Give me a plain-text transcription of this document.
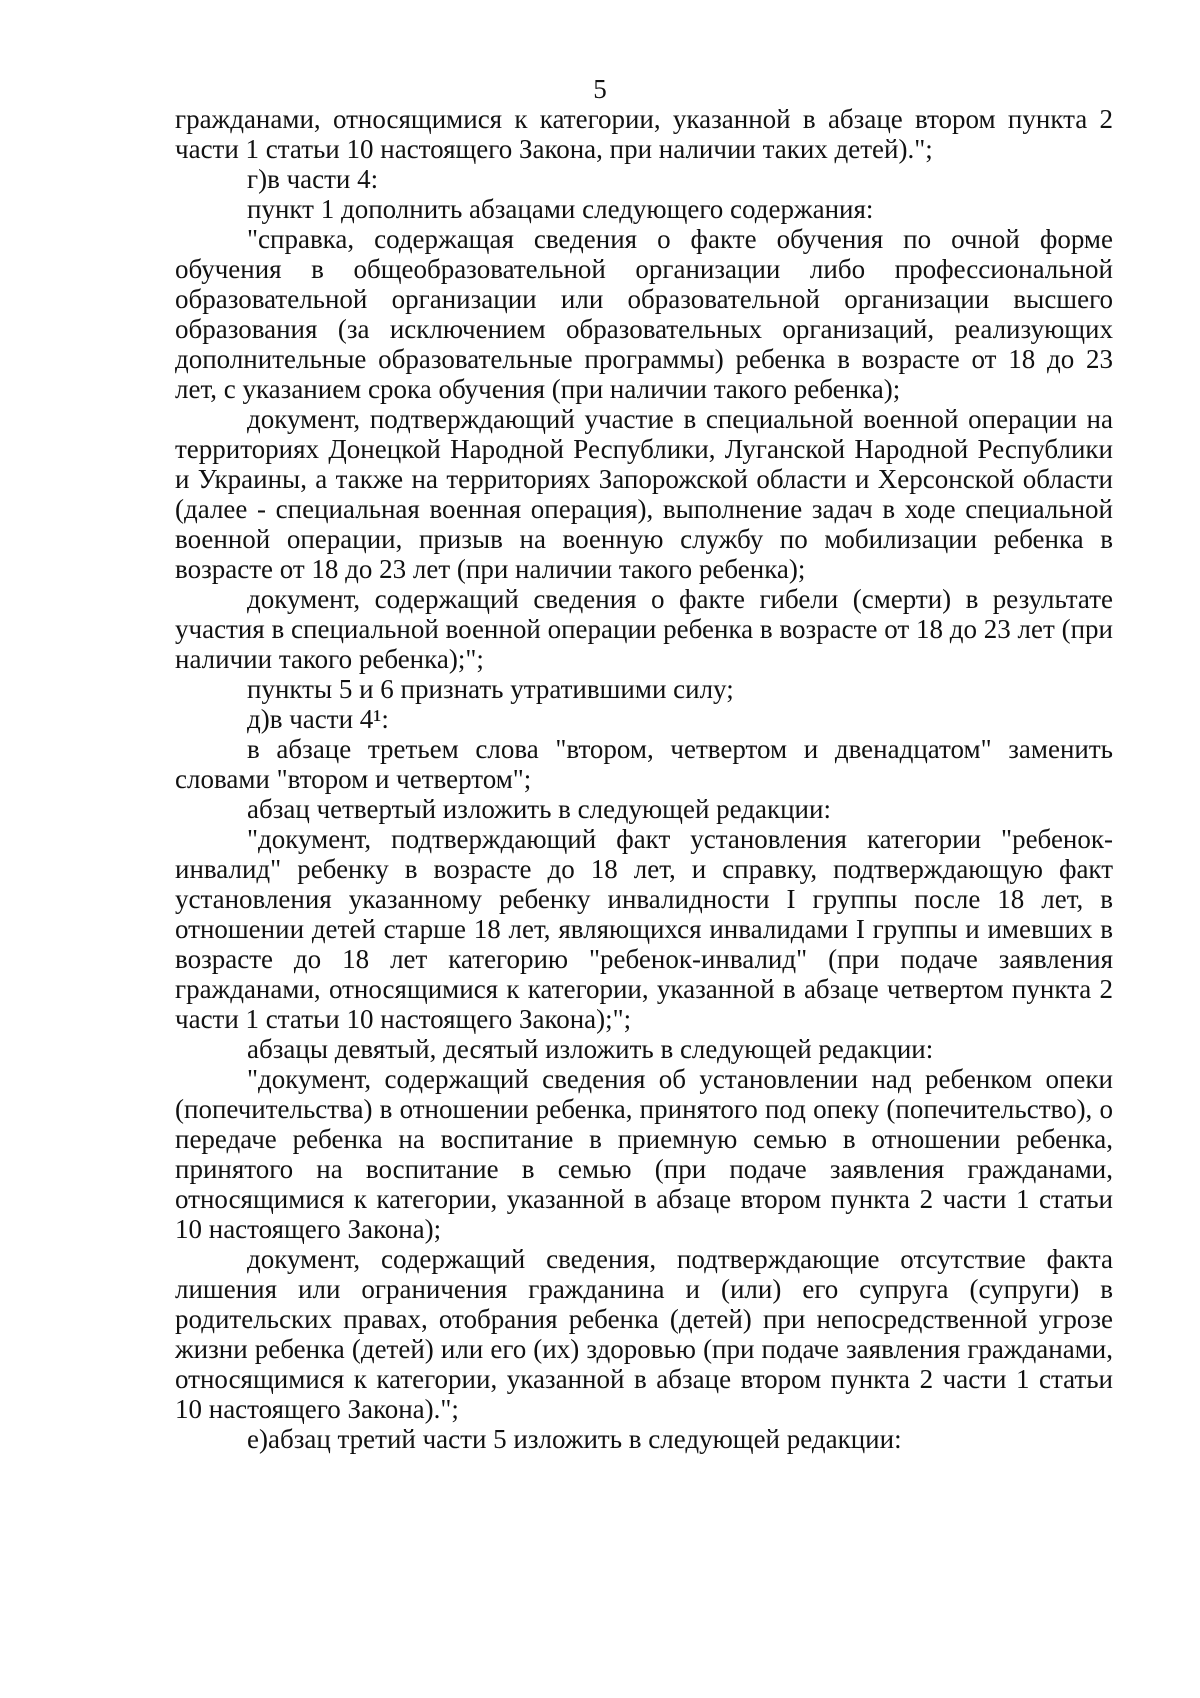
5

гражданами, относящимися к категории, указанной в абзаце втором пункта 2 части 1 статьи 10 настоящего Закона, при наличии таких детей).";

г)в части 4:

пункт 1 дополнить абзацами следующего содержания:

"справка, содержащая сведения о факте обучения по очной форме обучения в общеобразовательной организации либо профессиональной образовательной организации или образовательной организации высшего образования (за исключением образовательных организаций, реализующих дополнительные образовательные программы) ребенка в возрасте от 18 до 23 лет, с указанием срока обучения (при наличии такого ребенка);

документ, подтверждающий участие в специальной военной операции на территориях Донецкой Народной Республики, Луганской Народной Республики и Украины, а также на территориях Запорожской области и Херсонской области (далее - специальная военная операция), выполнение задач в ходе специальной военной операции, призыв на военную службу по мобилизации ребенка в возрасте от 18 до 23 лет (при наличии такого ребенка);

документ, содержащий сведения о факте гибели (смерти) в результате участия в специальной военной операции ребенка в возрасте от 18 до 23 лет (при наличии такого ребенка);";

пункты 5 и 6 признать утратившими силу;

д)в части 4¹:

в абзаце третьем слова "втором, четвертом и двенадцатом" заменить словами "втором и четвертом";

абзац четвертый изложить в следующей редакции:

"документ, подтверждающий факт установления категории "ребенок-инвалид" ребенку в возрасте до 18 лет, и справку, подтверждающую факт установления указанному ребенку инвалидности I группы после 18 лет, в отношении детей старше 18 лет, являющихся инвалидами I группы и имевших в возрасте до 18 лет категорию "ребенок-инвалид" (при подаче заявления гражданами, относящимися к категории, указанной в абзаце четвертом пункта 2 части 1 статьи 10 настоящего Закона);";

абзацы девятый, десятый изложить в следующей редакции:

"документ, содержащий сведения об установлении над ребенком опеки (попечительства) в отношении ребенка, принятого под опеку (попечительство), о передаче ребенка на воспитание в приемную семью в отношении ребенка, принятого на воспитание в семью (при подаче заявления гражданами, относящимися к категории, указанной в абзаце втором пункта 2 части 1 статьи 10 настоящего Закона);

документ, содержащий сведения, подтверждающие отсутствие факта лишения или ограничения гражданина и (или) его супруга (супруги) в родительских правах, отобрания ребенка (детей) при непосредственной угрозе жизни ребенка (детей) или его (их) здоровью (при подаче заявления гражданами, относящимися к категории, указанной в абзаце втором пункта 2 части 1 статьи 10 настоящего Закона).";

е)абзац третий части 5 изложить в следующей редакции:
